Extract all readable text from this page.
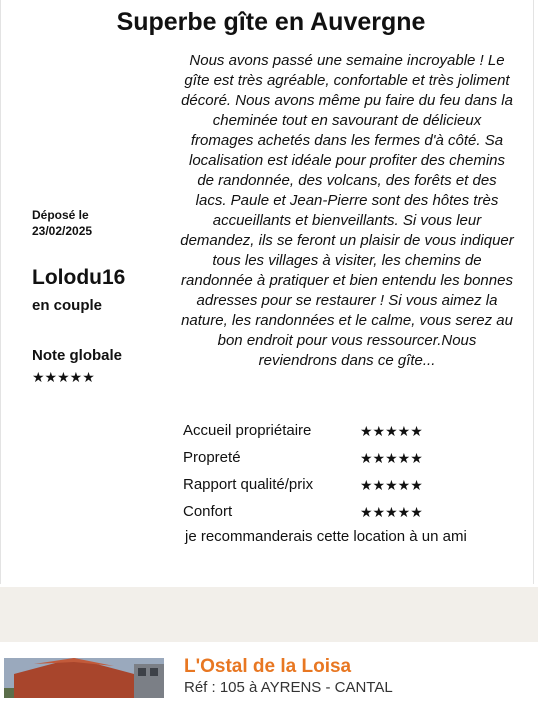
Superbe gîte en Auvergne
Déposé le
23/02/2025
Lolodu16
en couple
Note globale
★★★★★
Nous avons passé une semaine incroyable ! Le gîte est très agréable, confortable et très joliment décoré. Nous avons même pu faire du feu dans la cheminée tout en savourant de délicieux fromages achetés dans les fermes d'à côté. Sa localisation est idéale pour profiter des chemins de randonnée, des volcans, des forêts et des lacs. Paule et Jean-Pierre sont des hôtes très accueillants et bienveillants. Si vous leur demandez, ils se feront un plaisir de vous indiquer tous les villages à visiter, les chemins de randonnée à pratiquer et bien entendu les bonnes adresses pour se restaurer ! Si vous aimez la nature, les randonnées et le calme, vous serez au bon endroit pour vous ressourcer.Nous reviendrons dans ce gîte...
Accueil propriétaire	★★★★★
Propreté	★★★★★
Rapport qualité/prix	★★★★★
Confort	★★★★★
je recommanderais cette location à un ami
L'Ostal de la Loisa
Réf : 105 à AYRENS - CANTAL
